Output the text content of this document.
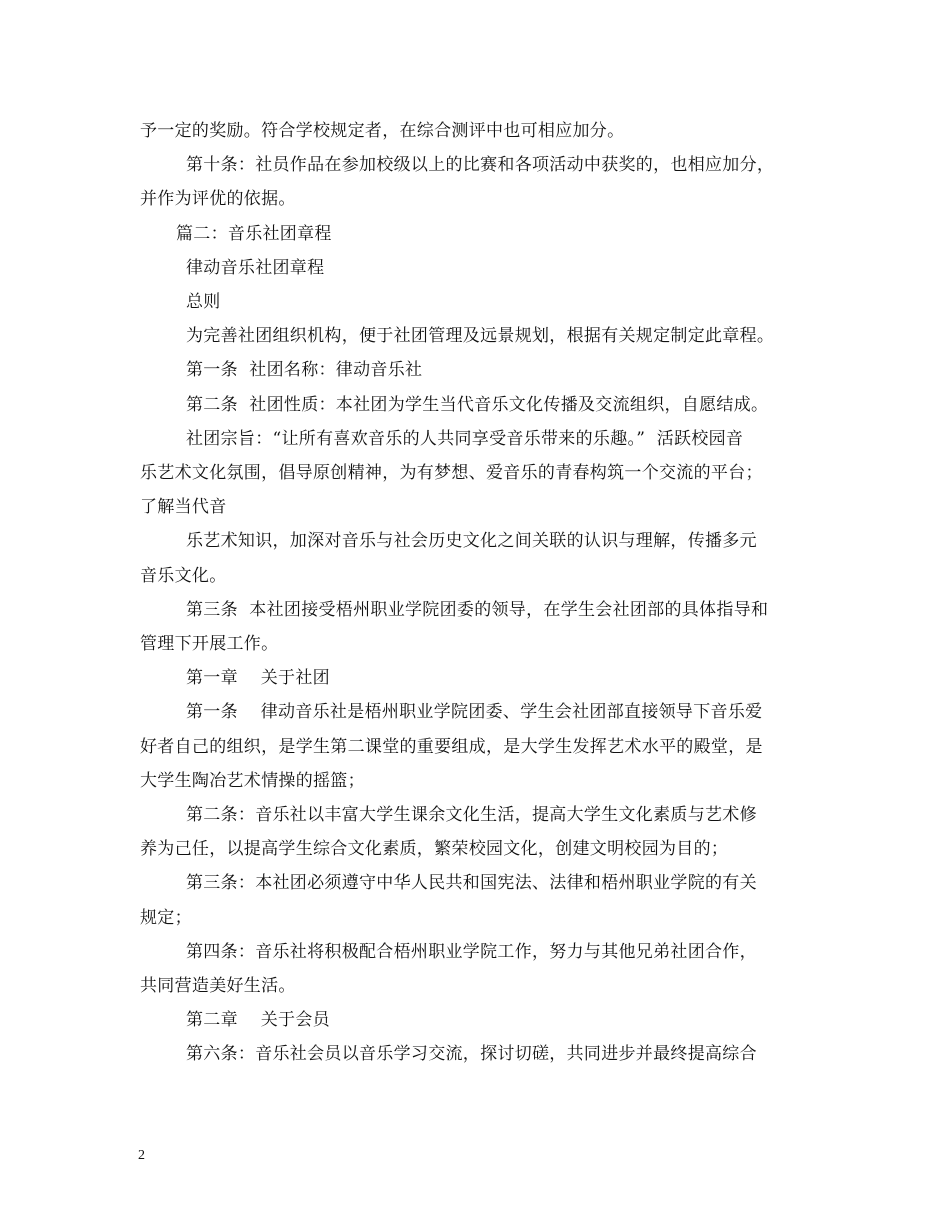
予一定的奖励。符合学校规定者，在综合测评中也可相应加分。

第十条：社员作品在参加校级以上的比赛和各项活动中获奖的，也相应加分，

并作为评优的依据。

篇二：音乐社团章程

律动音乐社团章程

总则

为完善社团组织机构，便于社团管理及远景规划，根据有关规定制定此章程。

第一条  社团名称：律动音乐社

第二条  社团性质：本社团为学生当代音乐文化传播及交流组织，自愿结成。

社团宗旨：“让所有喜欢音乐的人共同享受音乐带来的乐趣。”  活跃校园音

乐艺术文化氛围，倡导原创精神，为有梦想、爱音乐的青春构筑一个交流的平台；

了解当代音

乐艺术知识，加深对音乐与社会历史文化之间关联的认识与理解，传播多元

音乐文化。

第三条  本社团接受梧州职业学院团委的领导，在学生会社团部的具体指导和

管理下开展工作。

第一章    关于社团

第一条    律动音乐社是梧州职业学院团委、学生会社团部直接领导下音乐爱

好者自己的组织，是学生第二课堂的重要组成，是大学生发挥艺术水平的殿堂，是

大学生陶冶艺术情操的摇篮；

第二条：音乐社以丰富大学生课余文化生活，提高大学生文化素质与艺术修

养为己任，以提高学生综合文化素质，繁荣校园文化，创建文明校园为目的；

第三条：本社团必须遵守中华人民共和国宪法、法律和梧州职业学院的有关

规定；

第四条：音乐社将积极配合梧州职业学院工作，努力与其他兄弟社团合作，

共同营造美好生活。

第二章    关于会员

第六条：音乐社会员以音乐学习交流，探讨切磋，共同进步并最终提高综合

2
